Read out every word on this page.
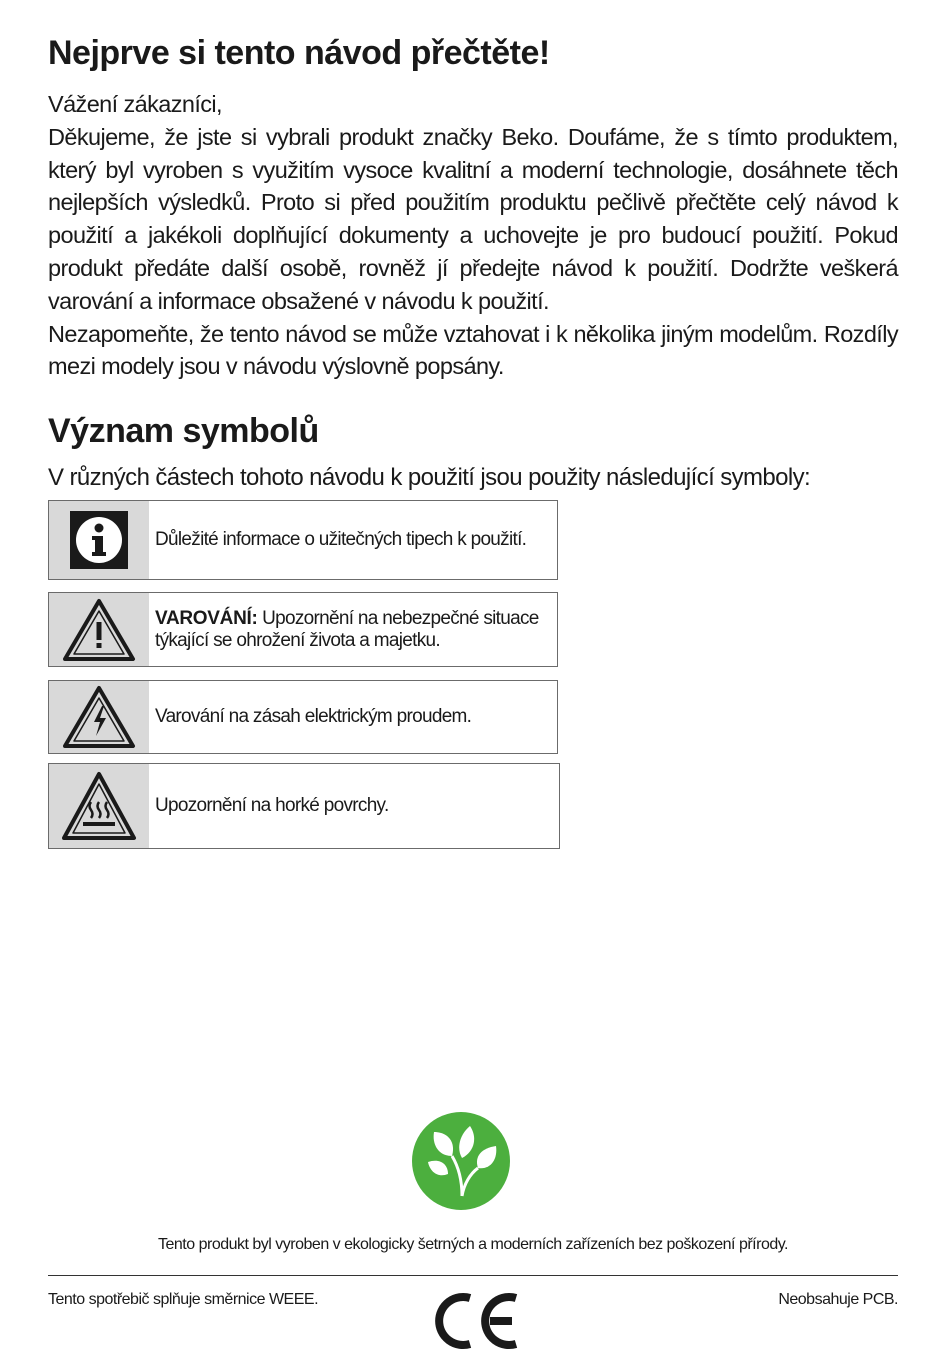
Nejprve si tento návod přečtěte!

Vážení zákazníci,

Děkujeme, že jste si vybrali produkt značky Beko. Doufáme, že s tímto produktem, který byl vyroben s využitím vysoce kvalitní a moderní technologie, dosáhnete těch nejlepších výsledků. Proto si před použitím produktu pečlivě přečtěte celý návod k použití a jakékoli doplňující dokumenty a uchovejte je pro budoucí použití. Pokud produkt předáte další osobě, rovněž jí předejte návod k použití. Dodržte veškerá varování a informace obsažené v návodu k použití.

Nezapomeňte, že tento návod se může vztahovat i k několika jiným modelům. Rozdíly mezi modely jsou v návodu výslovně popsány.

Význam symbolů

V různých částech tohoto návodu k použití jsou použity následující symboly:

Důležité informace o užitečných tipech k použití.
VAROVÁNÍ: Upozornění na nebezpečné situace týkající se ohrožení života a majetku.
Varování na zásah elektrickým proudem.
Upozornění na horké povrchy.

Tento produkt byl vyroben v ekologicky šetrných a moderních zařízeních bez poškození přírody.

Tento spotřebič splňuje směrnice WEEE.	Neobsahuje PCB.
